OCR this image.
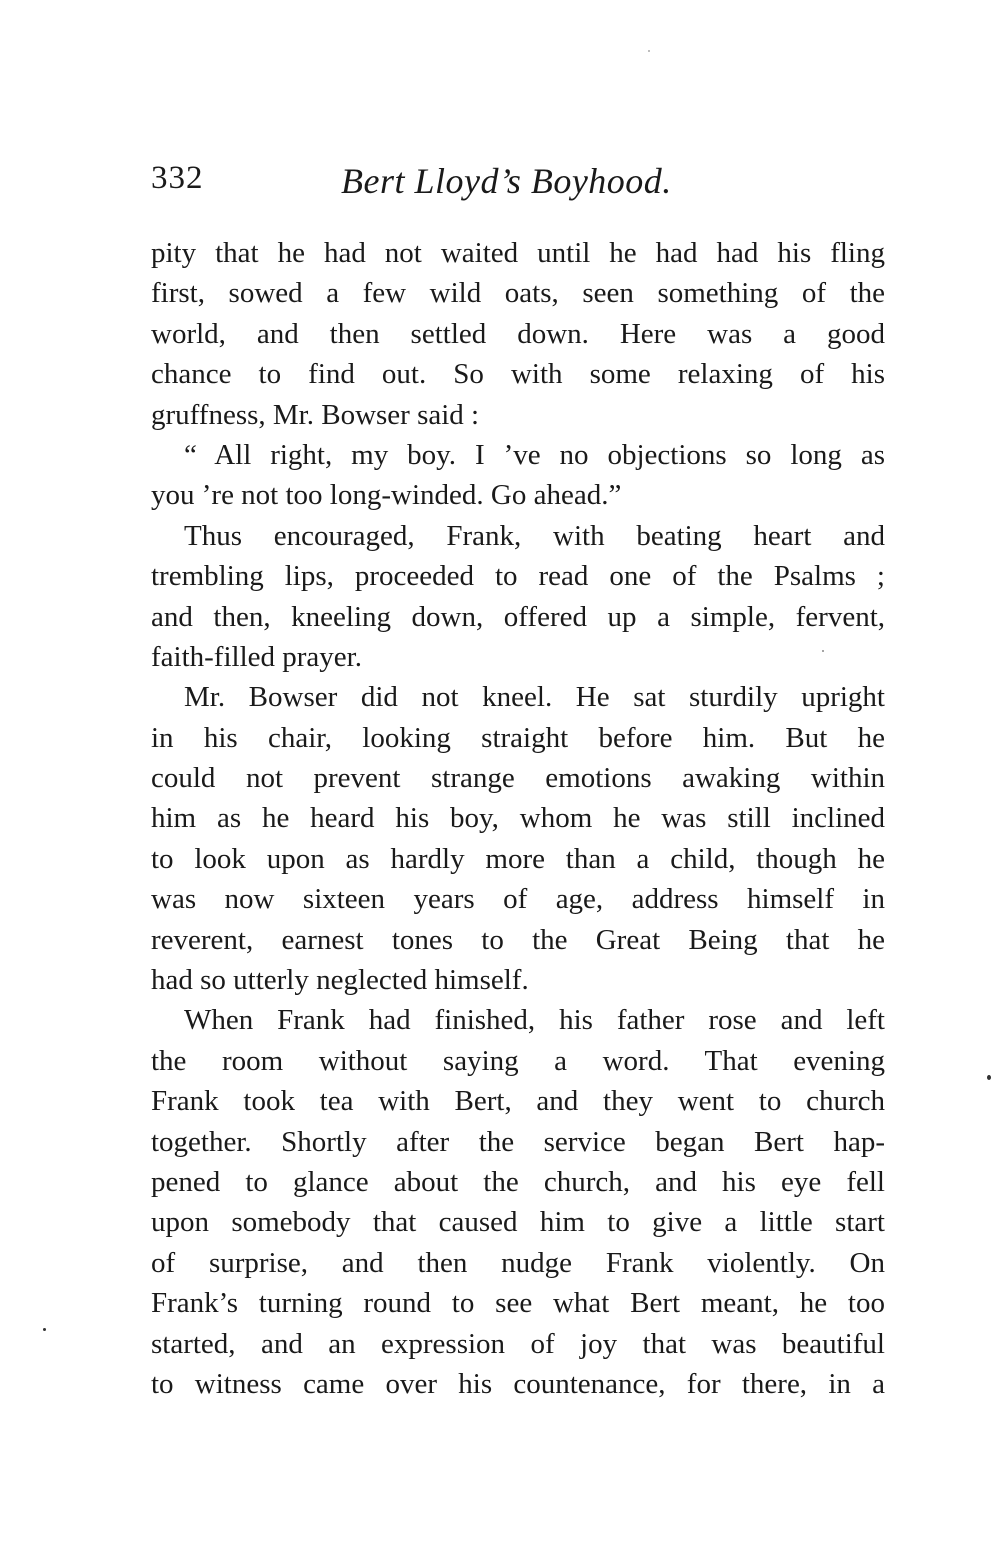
332	Bert Lloyd’s Boyhood.
pity that he had not waited until he had had his fling
first, sowed a few wild oats, seen something of the
world, and then settled down. Here was a good
chance to find out. So with some relaxing of his
gruffness, Mr. Bowser said :
“ All right, my boy. I ’ve no objections so long as
you ’re not too long-winded. Go ahead.”
Thus encouraged, Frank, with beating heart and
trembling lips, proceeded to read one of the Psalms ;
and then, kneeling down, offered up a simple, fervent,
faith-filled prayer.
Mr. Bowser did not kneel. He sat sturdily upright
in his chair, looking straight before him. But he
could not prevent strange emotions awaking within
him as he heard his boy, whom he was still inclined
to look upon as hardly more than a child, though he
was now sixteen years of age, address himself in
reverent, earnest tones to the Great Being that he
had so utterly neglected himself.
When Frank had finished, his father rose and left
the room without saying a word. That evening
Frank took tea with Bert, and they went to church
together. Shortly after the service began Bert hap-
pened to glance about the church, and his eye fell
upon somebody that caused him to give a little start
of surprise, and then nudge Frank violently. On
Frank’s turning round to see what Bert meant, he too
started, and an expression of joy that was beautiful
to witness came over his countenance, for there, in a
